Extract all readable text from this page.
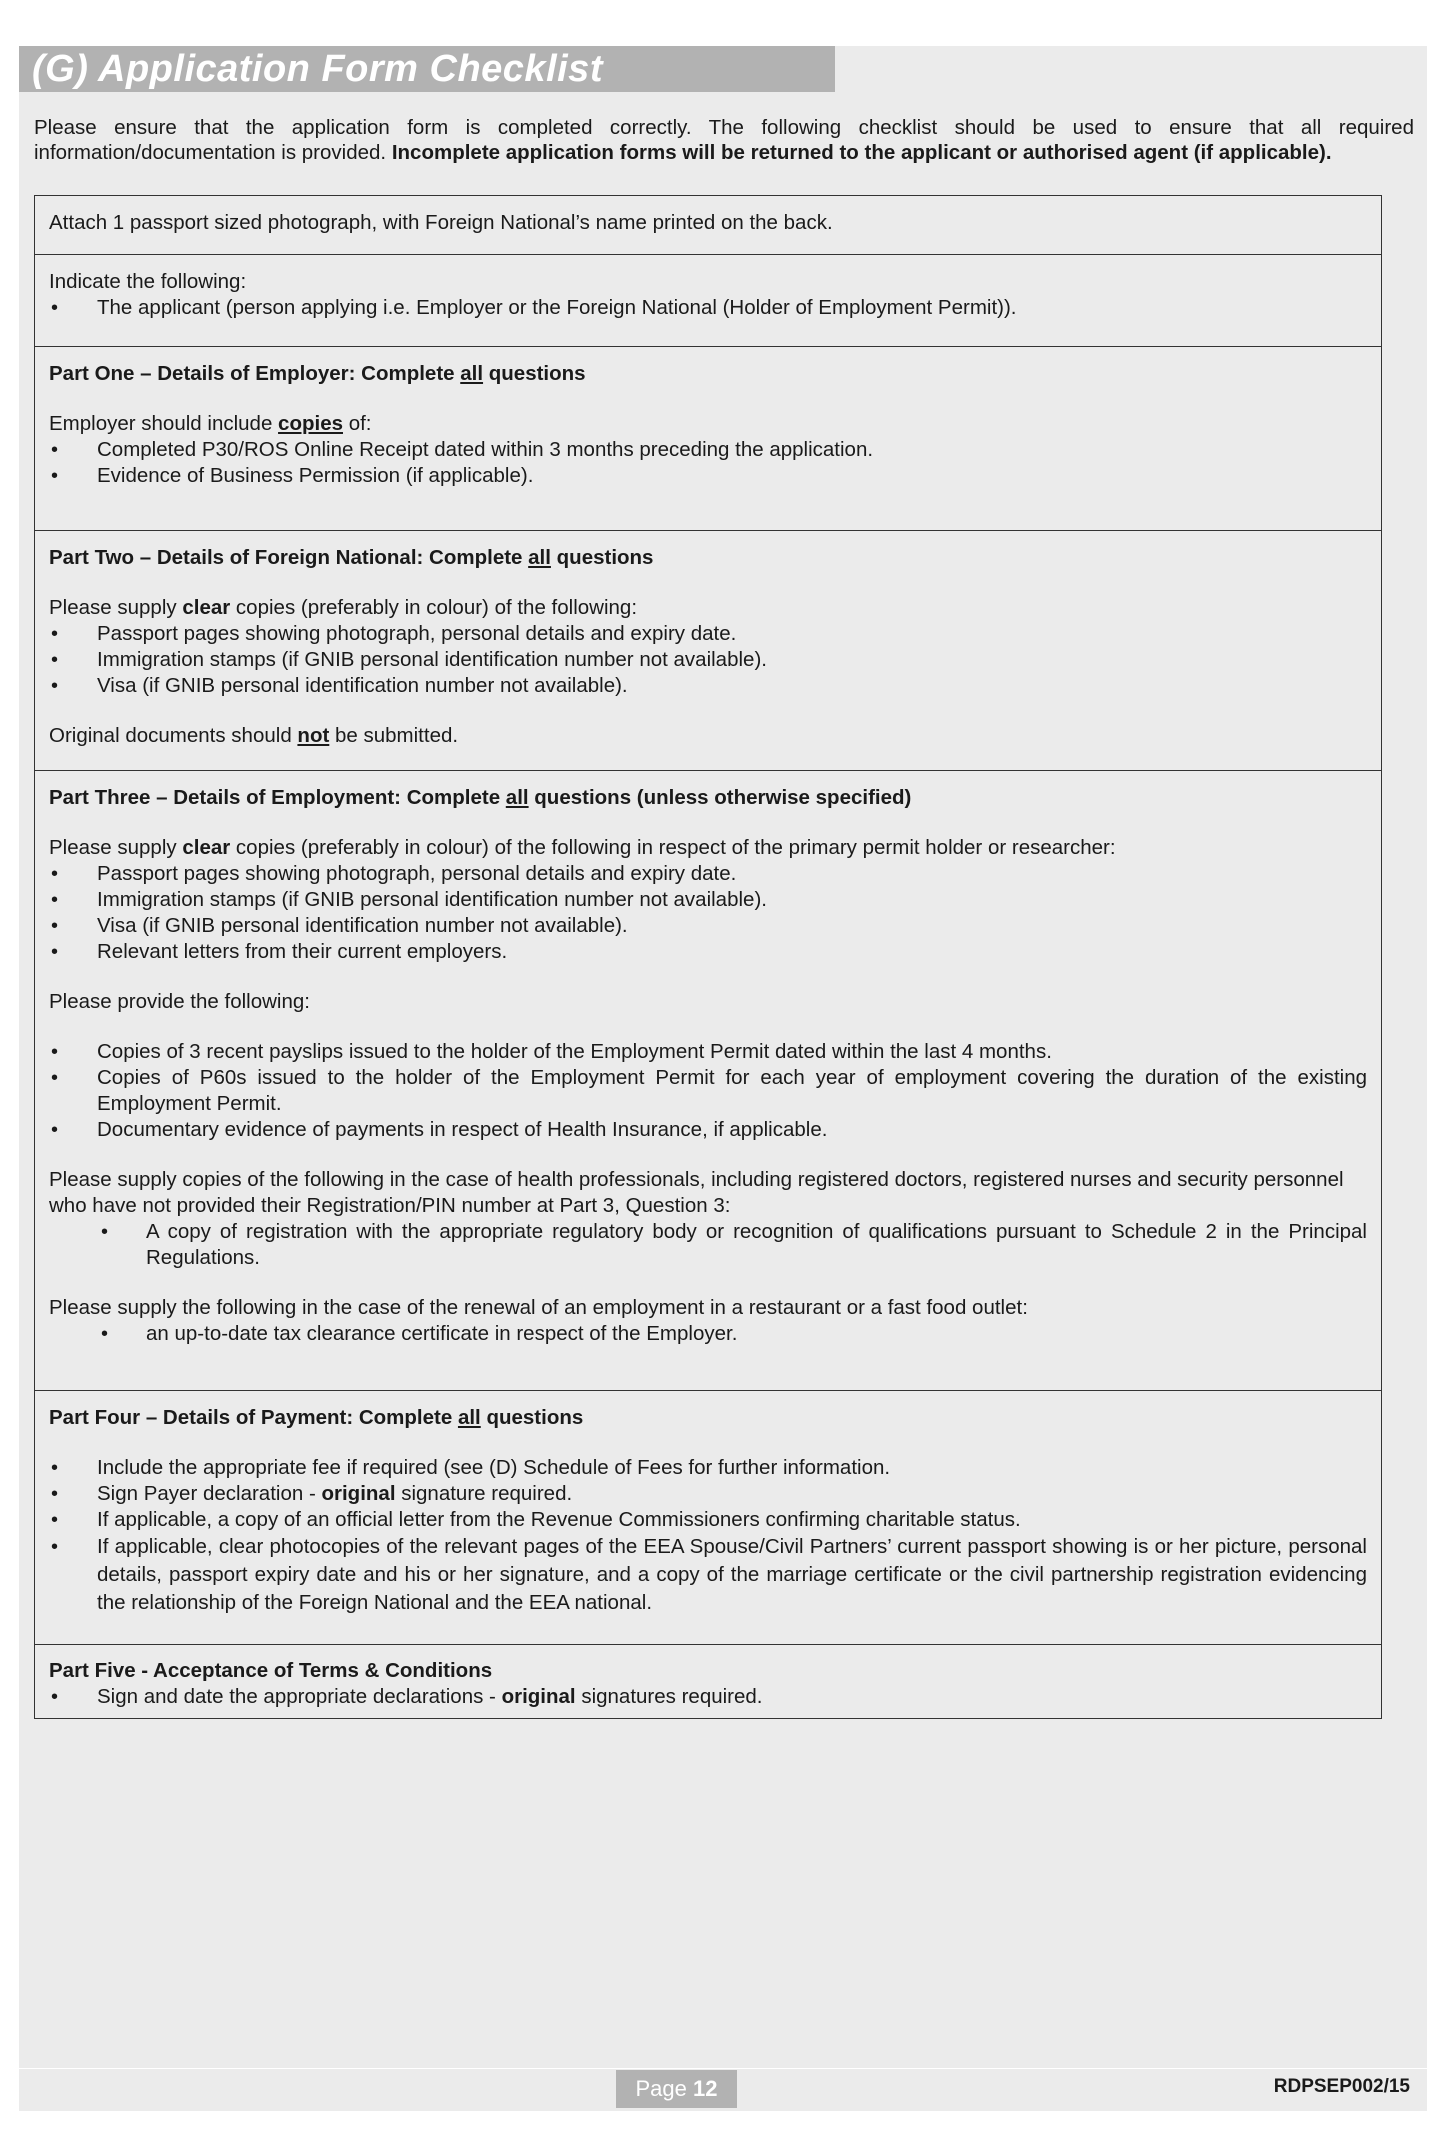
(G) Application Form Checklist
Please ensure that the application form is completed correctly. The following checklist should be used to ensure that all required information/documentation is provided. Incomplete application forms will be returned to the applicant or authorised agent (if applicable).

Attach 1 passport sized photograph, with Foreign National’s name printed on the back.

Indicate the following:

• The applicant (person applying i.e. Employer or the Foreign National (Holder of Employment Permit)).

Part One – Details of Employer: Complete all questions

Employer should include copies of:

• Completed P30/ROS Online Receipt dated within 3 months preceding the application.
• Evidence of Business Permission (if applicable).

Part Two – Details of Foreign National: Complete all questions

Please supply clear copies (preferably in colour) of the following:

• Passport pages showing photograph, personal details and expiry date.
• Immigration stamps (if GNIB personal identification number not available).
• Visa (if GNIB personal identification number not available).

Original documents should not be submitted.

Part Three – Details of Employment: Complete all questions (unless otherwise specified)

Please supply clear copies (preferably in colour) of the following in respect of the primary permit holder or researcher:

• Passport pages showing photograph, personal details and expiry date.
• Immigration stamps (if GNIB personal identification number not available).
• Visa (if GNIB personal identification number not available).
• Relevant letters from their current employers.

Please provide the following:

• Copies of 3 recent payslips issued to the holder of the Employment Permit dated within the last 4 months.
• Copies of P60s issued to the holder of the Employment Permit for each year of employment covering the duration of the existing Employment Permit.
• Documentary evidence of payments in respect of Health Insurance, if applicable.

Please supply copies of the following in the case of health professionals, including registered doctors, registered nurses and security personnel who have not provided their Registration/PIN number at Part 3, Question 3:

• A copy of registration with the appropriate regulatory body or recognition of qualifications pursuant to Schedule 2 in the Principal Regulations.

Please supply the following in the case of the renewal of an employment in a restaurant or a fast food outlet:

• an up-to-date tax clearance certificate in respect of the Employer.

Part Four – Details of Payment: Complete all questions

• Include the appropriate fee if required (see (D) Schedule of Fees for further information.
• Sign Payer declaration - original signature required.
• If applicable, a copy of an official letter from the Revenue Commissioners confirming charitable status.
• If applicable, clear photocopies of the relevant pages of the EEA Spouse/Civil Partners’ current passport showing is or her picture, personal details, passport expiry date and his or her signature, and a copy of the marriage certificate or the civil partnership registration evidencing the relationship of the Foreign National and the EEA national.

Part Five - Acceptance of Terms & Conditions

• Sign and date the appropriate declarations - original signatures required.
Page 12	RDPSEP002/15
